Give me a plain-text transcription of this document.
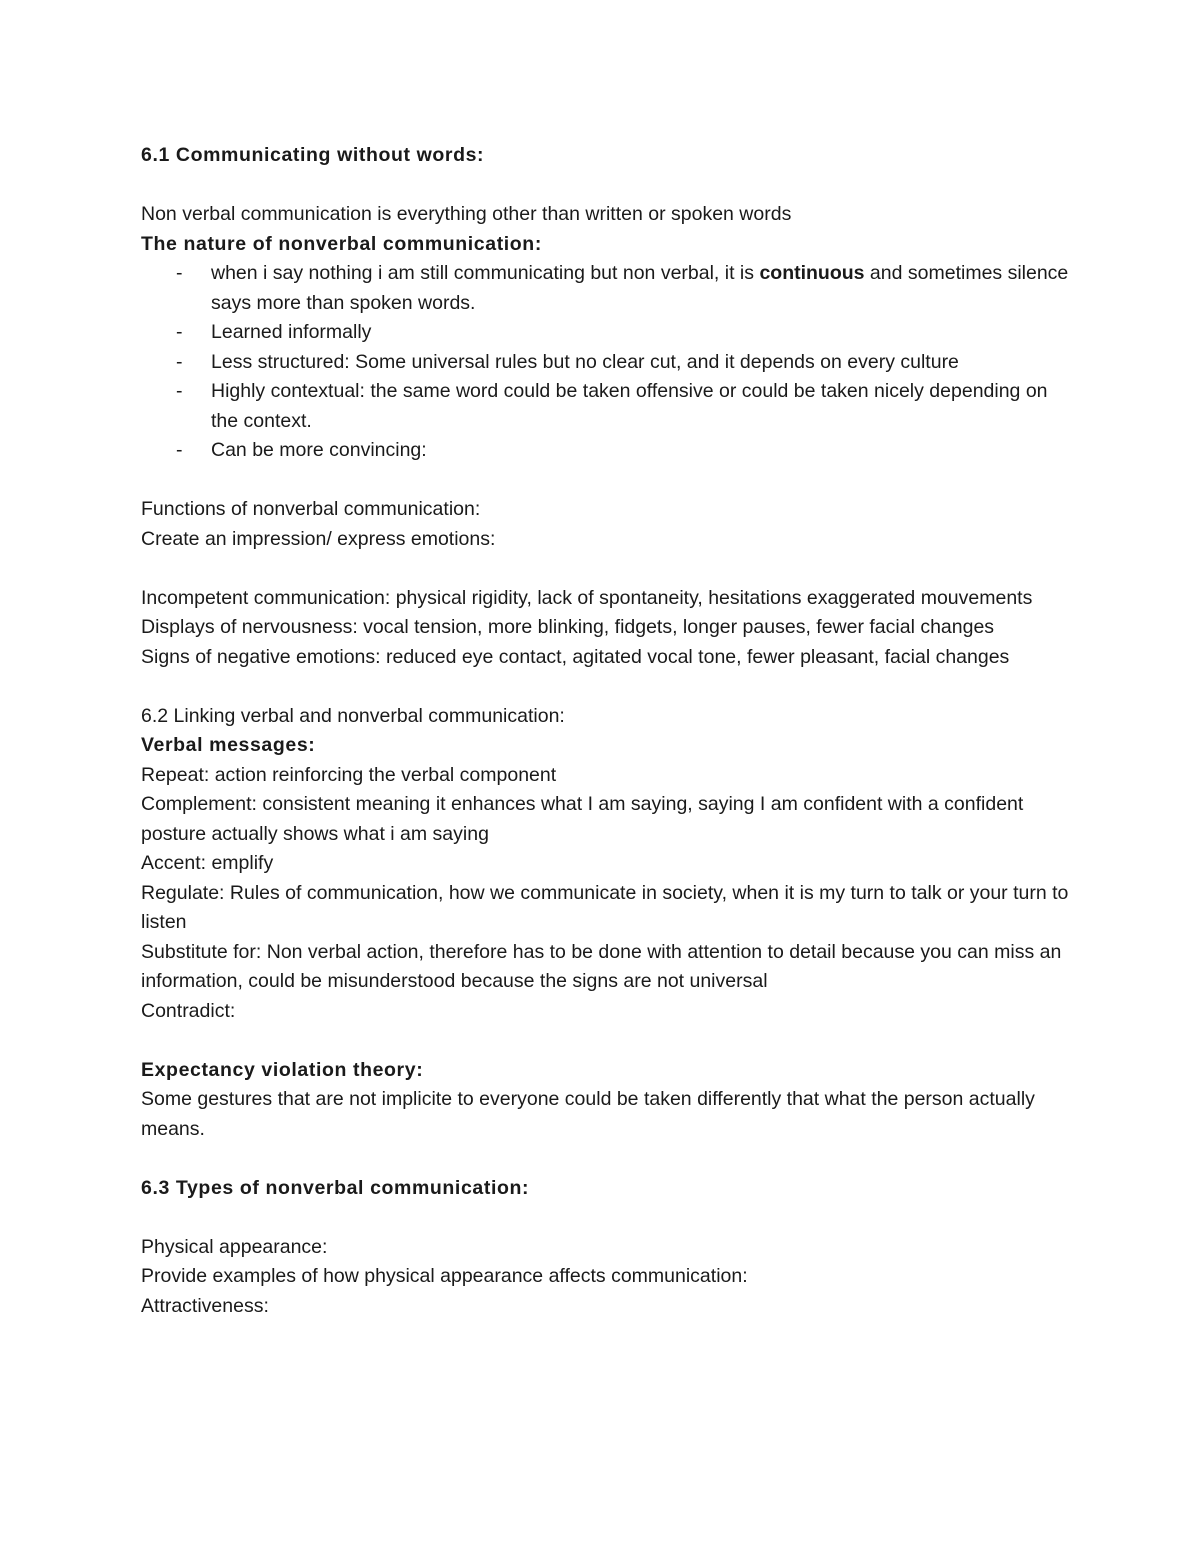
6.1 Communicating without words:
Non verbal communication is everything other than written or spoken words
The nature of nonverbal communication:
- when i say nothing i am still communicating but non verbal, it is continuous and sometimes silence says more than spoken words.
- Learned informally
- Less structured: Some universal rules but no clear cut, and it depends on every culture
- Highly contextual: the same word could be taken offensive or could be taken nicely depending on the context.
- Can be more convincing:
Functions of nonverbal communication:
Create an impression/ express emotions:
Incompetent communication: physical rigidity, lack of spontaneity, hesitations exaggerated mouvements
Displays of nervousness: vocal tension, more blinking, fidgets, longer pauses, fewer facial changes
Signs of negative emotions: reduced eye contact, agitated vocal tone, fewer pleasant, facial changes
6.2 Linking verbal and nonverbal communication:
Verbal messages:
Repeat: action reinforcing the verbal component
Complement: consistent meaning it enhances what I am saying, saying I am confident with a confident posture actually shows what i am saying
Accent: emplify
Regulate: Rules of communication, how we communicate in society, when it is my turn to talk or your turn to listen
Substitute for: Non verbal action, therefore has to be done with attention to detail because you can miss an information, could be misunderstood because the signs are not universal
Contradict:
Expectancy violation theory:
Some gestures that are not implicite to everyone could be taken differently that what the person actually means.
6.3 Types of nonverbal communication:
Physical appearance:
Provide examples of how physical appearance affects communication:
Attractiveness:
